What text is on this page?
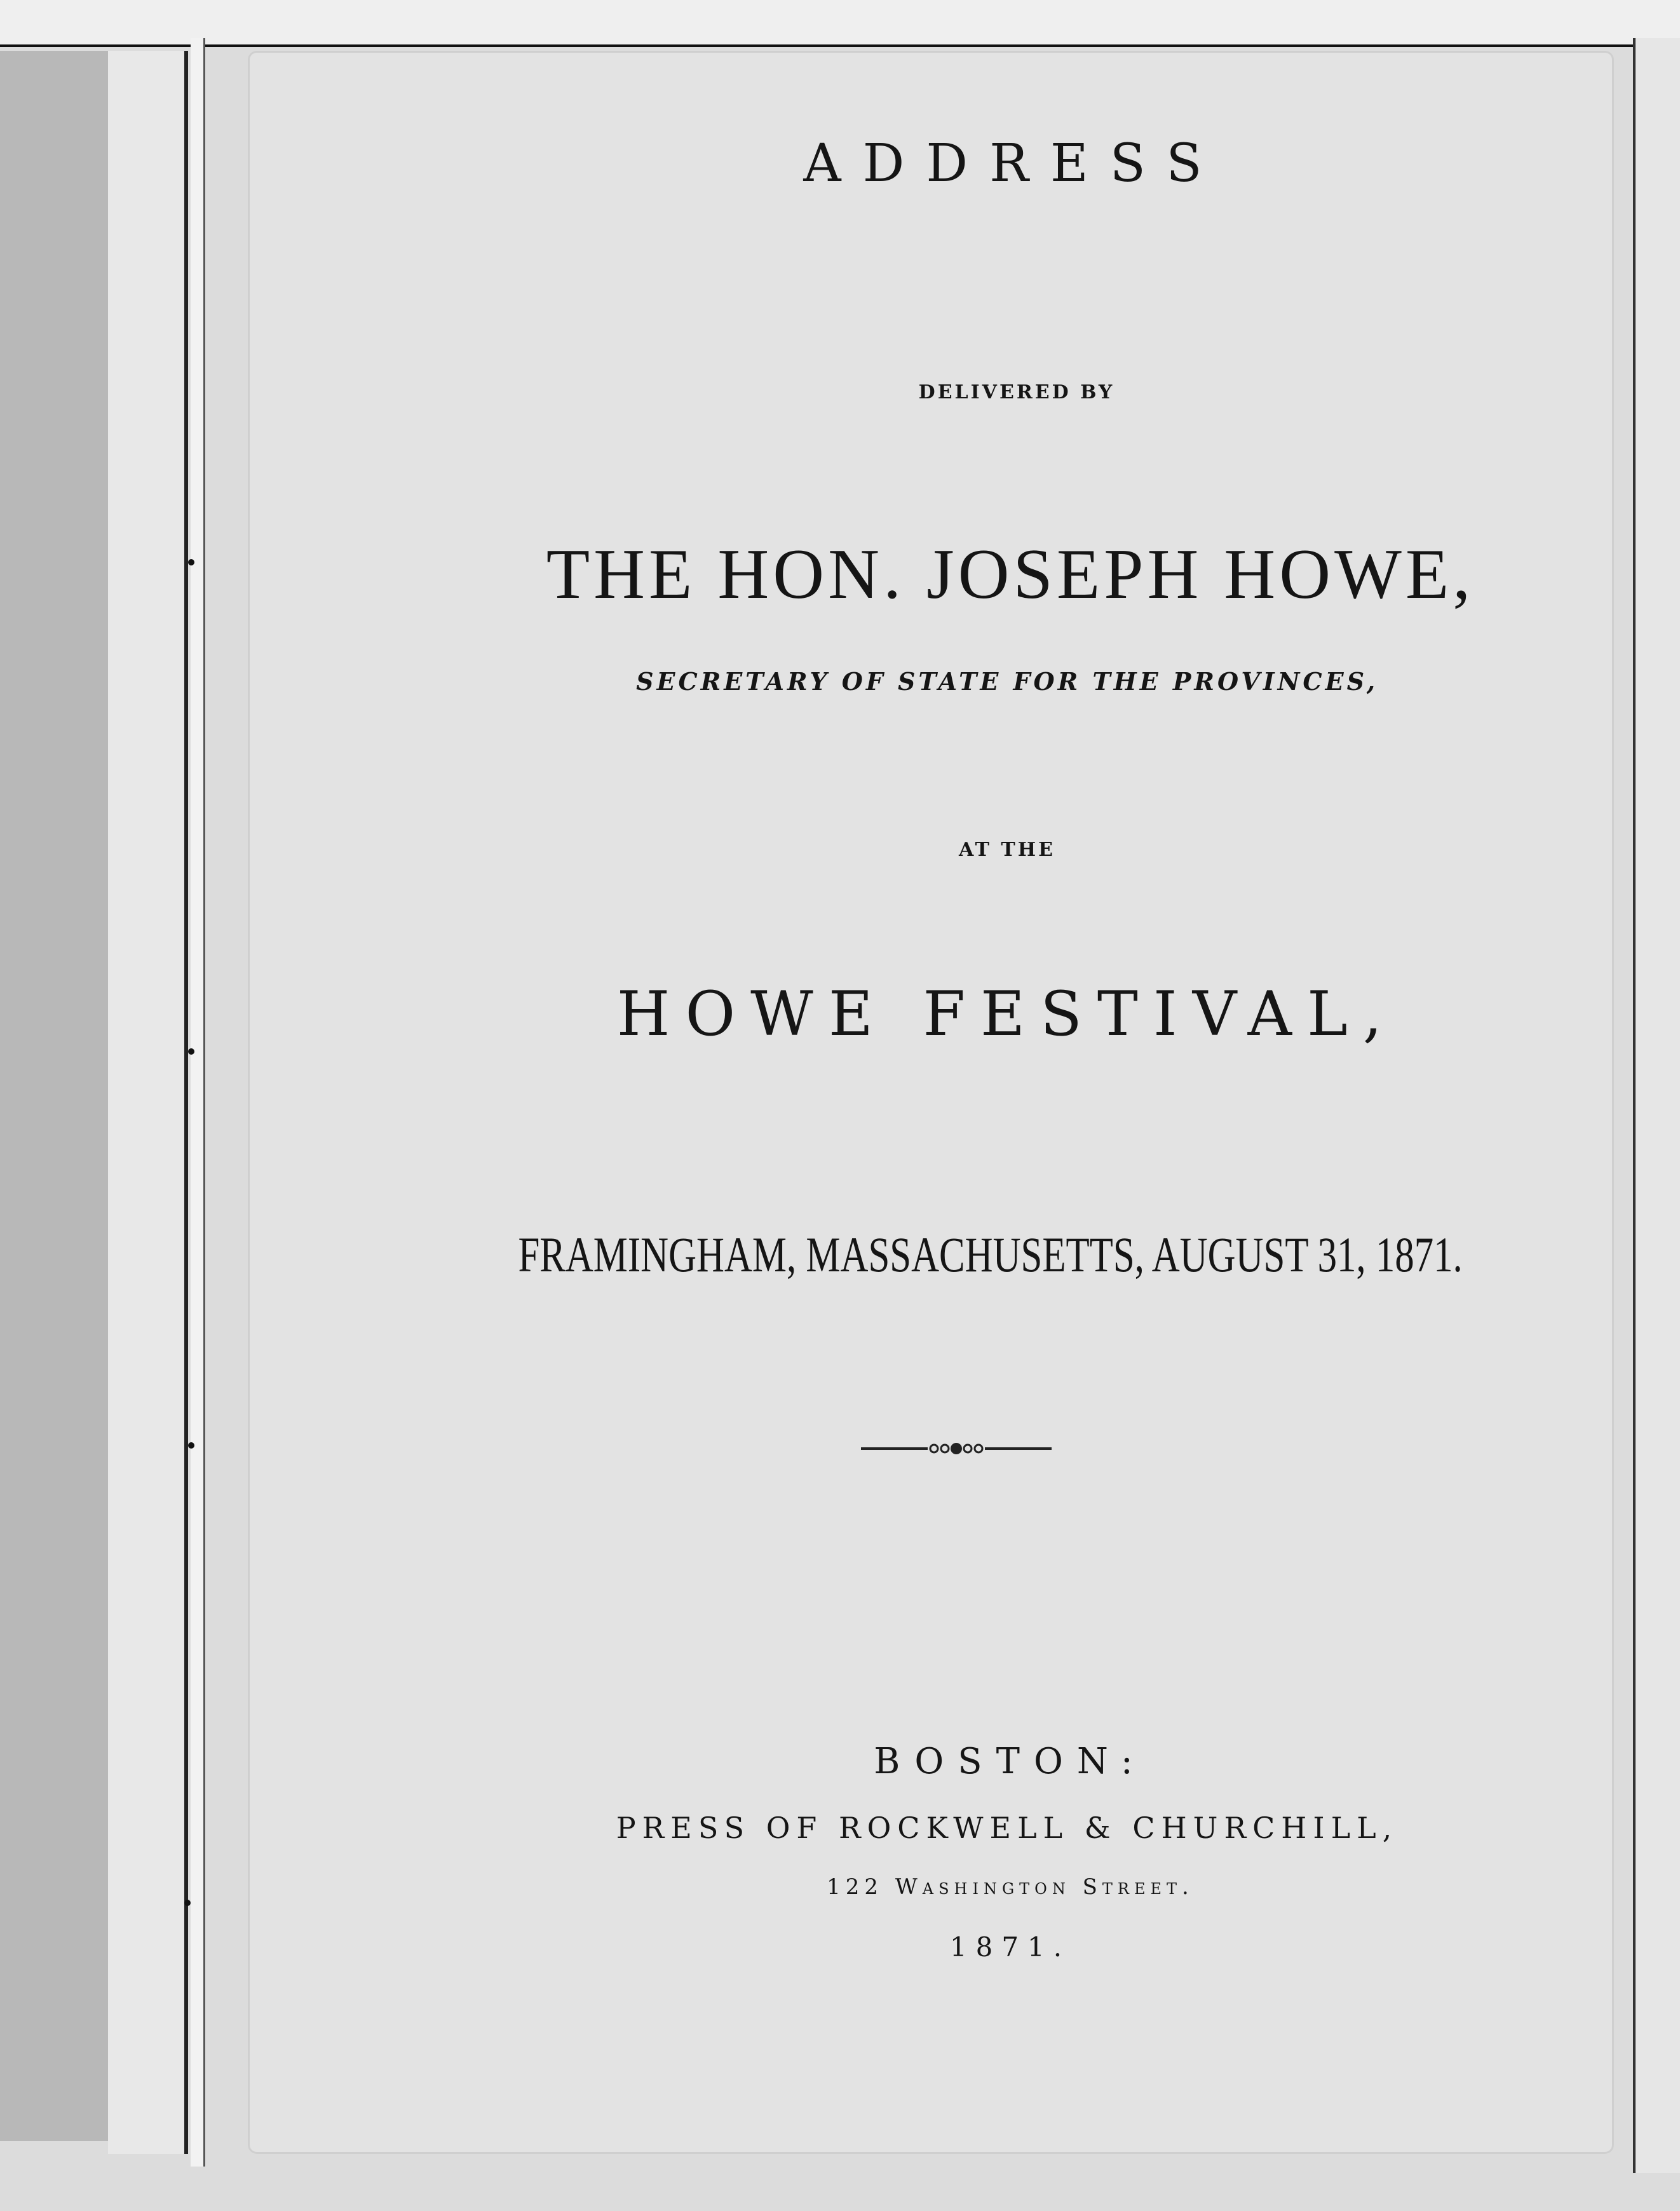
ADDRESS
DELIVERED BY
THE HON. JOSEPH HOWE,
SECRETARY OF STATE FOR THE PROVINCES,
AT THE
HOWE FESTIVAL,
FRAMINGHAM, MASSACHUSETTS, AUGUST 31, 1871.
BOSTON:
PRESS OF ROCKWELL & CHURCHILL,
122 Washington Street.
1871.
